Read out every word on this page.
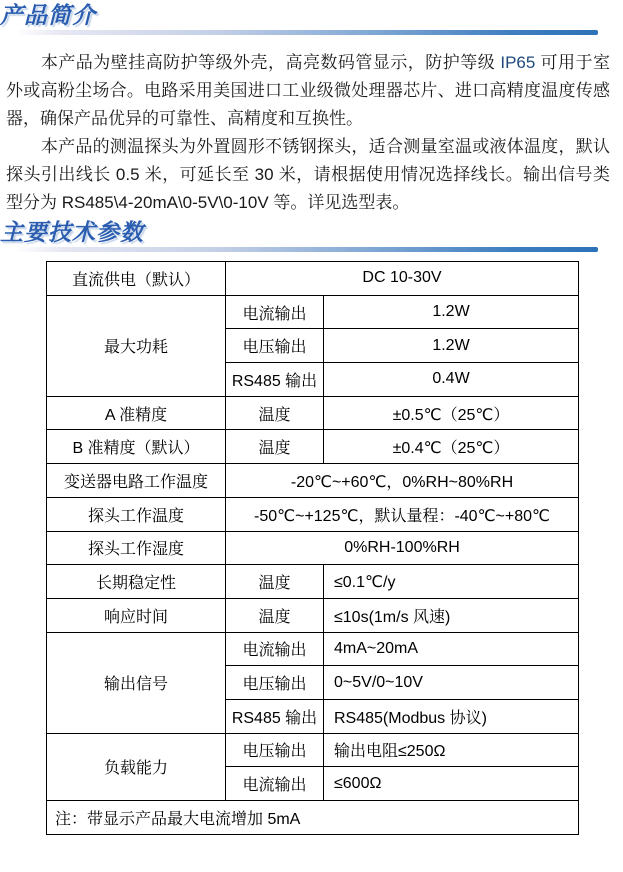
产品简介

本产品为壁挂高防护等级外壳，高亮数码管显示，防护等级 IP65 可用于室外或高粉尘场合。电路采用美国进口工业级微处理器芯片、进口高精度温度传感器，确保产品优异的可靠性、高精度和互换性。

本产品的测温探头为外置圆形不锈钢探头，适合测量室温或液体温度，默认探头引出线长 0.5 米，可延长至 30 米，请根据使用情况选择线长。输出信号类型分为 RS485\4-20mA\0-5V\0-10V 等。详见选型表。

主要技术参数
直流供电（默认）	DC 10-30V	
最大功耗	电流输出	1.2W
	电压输出	1.2W
	RS485 输出	0.4W
A 准精度	温度	±0.5℃（25℃）
B 准精度（默认）	温度	±0.4℃（25℃）
变送器电路工作温度	-20℃~+60℃，0%RH~80%RH	
探头工作温度	-50℃~+125℃，默认量程：-40℃~+80℃	
探头工作湿度	0%RH-100%RH	
长期稳定性	温度	≤0.1℃/y
响应时间	温度	≤10s(1m/s 风速)
输出信号	电流输出	4mA~20mA
	电压输出	0~5V/0~10V
	RS485 输出	RS485(Modbus 协议)
负载能力	电压输出	输出电阻≤250Ω
	电流输出	≤600Ω
注：带显示产品最大电流增加 5mA		
